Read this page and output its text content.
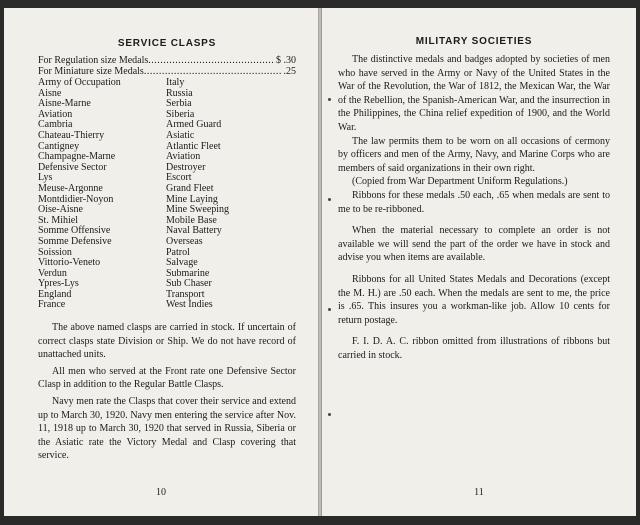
SERVICE CLASPS
For Regulation size Medals .....	$ .30
For Miniature size Medals .....	.25
Army of Occupation	Italy
Aisne	Russia
Aisne-Marne	Serbia
Aviation	Siberia
Cambria	Armed Guard
Chateau-Thierry	Asiatic
Cantigney	Atlantic Fleet
Champagne-Marne	Aviation
Defensive Sector	Destroyer
Lys	Escort
Meuse-Argonne	Grand Fleet
Montdidier-Noyon	Mine Laying
Oise-Aisne	Mine Sweeping
St. Mihiel	Mobile Base
Somme Offensive	Naval Battery
Somme Defensive	Overseas
Soission	Patrol
Vittorio-Veneto	Salvage
Verdun	Submarine
Ypres-Lys	Sub Chaser
England	Transport
France	West Indies

The above named clasps are carried in stock. If uncertain of correct clasps state Division or Ship. We do not have record of unattached units.

All men who served at the Front rate one Defensive Sector Clasp in addition to the Regular Battle Clasps.

Navy men rate the Clasps that cover their service and extend up to March 30, 1920. Navy men entering the service after Nov. 11, 1918 up to March 30, 1920 that served in Russia, Siberia or the Asiatic rate the Victory Medal and Clasp covering that service.

10
MILITARY SOCIETIES

The distinctive medals and badges adopted by societies of men who have served in the Army or Navy of the United States in the War of the Revolution, the War of 1812, the Mexican War, the War of the Rebellion, the Spanish-American War, and the insurrection in the Philippines, the China relief expedition of 1900, and the World War.

The law permits them to be worn on all occasions of cermony by officers and men of the Army, Navy, and Marine Corps who are members of said organizations in their own right.

(Copied from War Department Uniform Regulations.)

Ribbons for these medals .50 each, .65 when medals are sent to me to be re-ribboned.

When the material necessary to complete an order is not available we will send the part of the order we have in stock and advise you when items are available.

Ribbons for all United States Medals and Decorations (except the M. H.) are .50 each. When the medals are sent to me, the price is .65. This insures you a workman-like job. Allow 10 cents for return postage.

F. I. D. A. C. ribbon omitted from illustrations of ribbons but carried in stock.

11
